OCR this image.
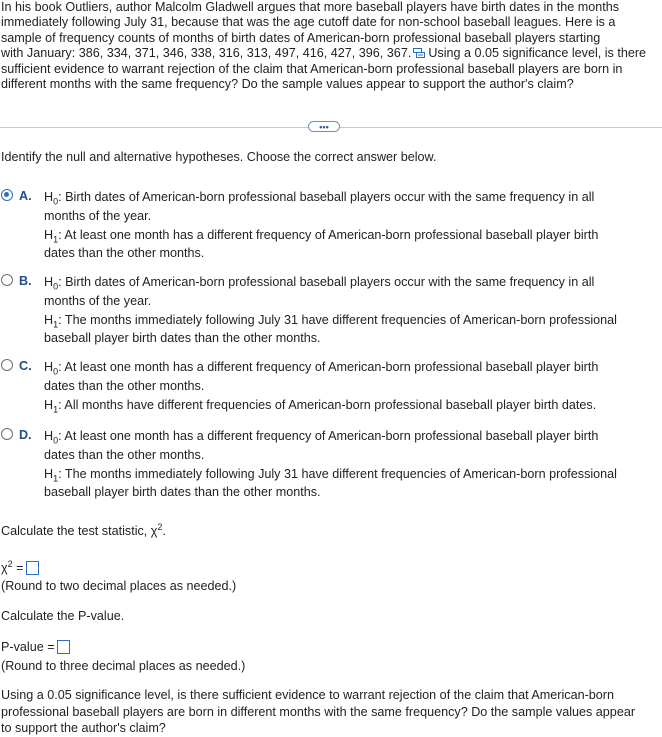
In his book Outliers, author Malcolm Gladwell argues that more baseball players have birth dates in the months
immediately following July 31, because that was the age cutoff date for non-school baseball leagues. Here is a
sample of frequency counts of months of birth dates of American-born professional baseball players starting
with January: 386, 334, 371, 346, 338, 316, 313, 497, 416, 427, 396, 367. Using a 0.05 significance level, is there
sufficient evidence to warrant rejection of the claim that American-born professional baseball players are born in
different months with the same frequency? Do the sample values appear to support the author's claim?
•••
Identify the null and alternative hypotheses. Choose the correct answer below.
A. $H_0$: Birth dates of American-born professional baseball players occur with the same frequency in all
months of the year.
$H_1$: At least one month has a different frequency of American-born professional baseball player birth
dates than the other months.
B. $H_0$: Birth dates of American-born professional baseball players occur with the same frequency in all
months of the year.
$H_1$: The months immediately following July 31 have different frequencies of American-born professional
baseball player birth dates than the other months.
C. $H_0$: At least one month has a different frequency of American-born professional baseball player birth
dates than the other months.
$H_1$: All months have different frequencies of American-born professional baseball player birth dates.
D. $H_0$: At least one month has a different frequency of American-born professional baseball player birth
dates than the other months.
$H_1$: The months immediately following July 31 have different frequencies of American-born professional
baseball player birth dates than the other months.
Calculate the test statistic, $\chi^2$.
$\chi^2$ =
(Round to two decimal places as needed.)
Calculate the P-value.
P-value =
(Round to three decimal places as needed.)
Using a 0.05 significance level, is there sufficient evidence to warrant rejection of the claim that American-born
professional baseball players are born in different months with the same frequency? Do the sample values appear
to support the author's claim?
